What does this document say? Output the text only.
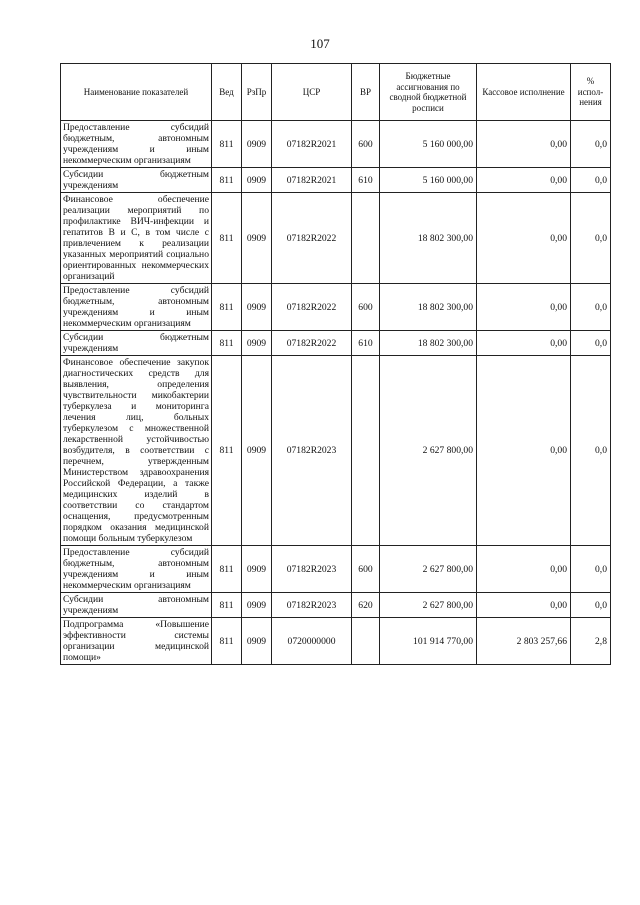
107
Наименование показателей	Вед	РзПр	ЦСР	ВР	Бюджетные ассигнования по сводной бюджетной росписи	Кассовое исполнение	% испол-нения
Предоставление субсидий бюджетным, автономным учреждениям и иным некоммерческим организациям	811	0909	07182R2021	600	5 160 000,00	0,00	0,0
Субсидии бюджетным учреждениям	811	0909	07182R2021	610	5 160 000,00	0,00	0,0
Финансовое обеспечение реализации мероприятий по профилактике ВИЧ-инфекции и гепатитов В и С, в том числе с привлечением к реализации указанных мероприятий социально ориентированных некоммерческих организаций	811	0909	07182R2022		18 802 300,00	0,00	0,0
Предоставление субсидий бюджетным, автономным учреждениям и иным некоммерческим организациям	811	0909	07182R2022	600	18 802 300,00	0,00	0,0
Субсидии бюджетным учреждениям	811	0909	07182R2022	610	18 802 300,00	0,00	0,0
Финансовое обеспечение закупок диагностических средств для выявления, определения чувствительности микобактерии туберкулеза и мониторинга лечения лиц, больных туберкулезом с множественной лекарственной устойчивостью возбудителя, в соответствии с перечнем, утвержденным Министерством здравоохранения Российской Федерации, а также медицинских изделий в соответствии со стандартом оснащения, предусмотренным порядком оказания медицинской помощи больным туберкулезом	811	0909	07182R2023		2 627 800,00	0,00	0,0
Предоставление субсидий бюджетным, автономным учреждениям и иным некоммерческим организациям	811	0909	07182R2023	600	2 627 800,00	0,00	0,0
Субсидии автономным учреждениям	811	0909	07182R2023	620	2 627 800,00	0,00	0,0
Подпрограмма «Повышение эффективности системы организации медицинской помощи»	811	0909	0720000000		101 914 770,00	2 803 257,66	2,8
